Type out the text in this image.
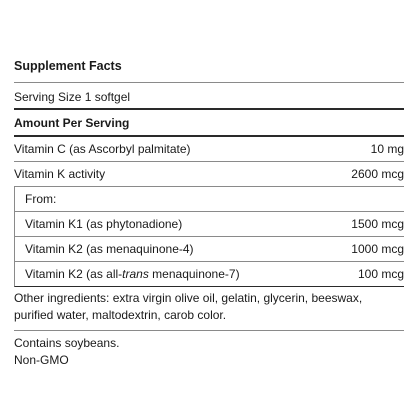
Supplement Facts
Serving Size 1 softgel
Amount Per Serving
Vitamin C (as Ascorbyl palmitate)	10 mg
Vitamin K activity	2600 mcg
From:
Vitamin K1 (as phytonadione)	1500 mcg
Vitamin K2 (as menaquinone-4)	1000 mcg
Vitamin K2 (as all-trans menaquinone-7)	100 mcg
Other ingredients: extra virgin olive oil, gelatin, glycerin, beeswax, purified water, maltodextrin, carob color.
Contains soybeans.
Non-GMO
